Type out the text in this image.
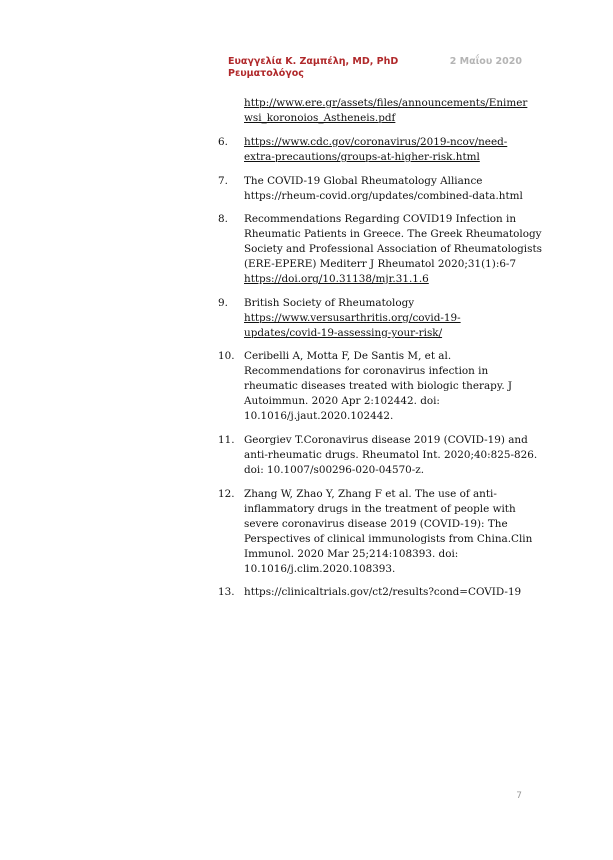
Ευαγγελία Κ. Ζαμπέλη, MD, PhD
Ρευματολόγος
2 Μαΐου 2020
http://www.ere.gr/assets/files/announcements/Enimer
wsi_koronoios_Astheneis.pdf
6.	https://www.cdc.gov/coronavirus/2019-ncov/need-
extra-precautions/groups-at-higher-risk.html
7.	The COVID-19 Global Rheumatology Alliance
https://rheum-covid.org/updates/combined-data.html
8.	Recommendations Regarding COVID19 Infection in
Rheumatic Patients in Greece. The Greek Rheumatology
Society and Professional Association of Rheumatologists
(ERE-EPERE) Mediterr J Rheumatol 2020;31(1):6-7
https://doi.org/10.31138/mjr.31.1.6
9.	British Society of Rheumatology
https://www.versusarthritis.org/covid-19-
updates/covid-19-assessing-your-risk/
10. Ceribelli A, Motta F, De Santis M, et al.
Recommendations for coronavirus infection in
rheumatic diseases treated with biologic therapy. J
Autoimmun. 2020 Apr 2:102442. doi:
10.1016/j.jaut.2020.102442.
11. Georgiev T.Coronavirus disease 2019 (COVID-19) and
anti-rheumatic drugs. Rheumatol Int. 2020;40:825-826.
doi: 10.1007/s00296-020-04570-z.
12. Zhang W, Zhao Y, Zhang F et al. The use of anti-
inflammatory drugs in the treatment of people with
severe coronavirus disease 2019 (COVID-19): The
Perspectives of clinical immunologists from China.Clin
Immunol. 2020 Mar 25;214:108393. doi:
10.1016/j.clim.2020.108393.
13. https://clinicaltrials.gov/ct2/results?cond=COVID-19
7
